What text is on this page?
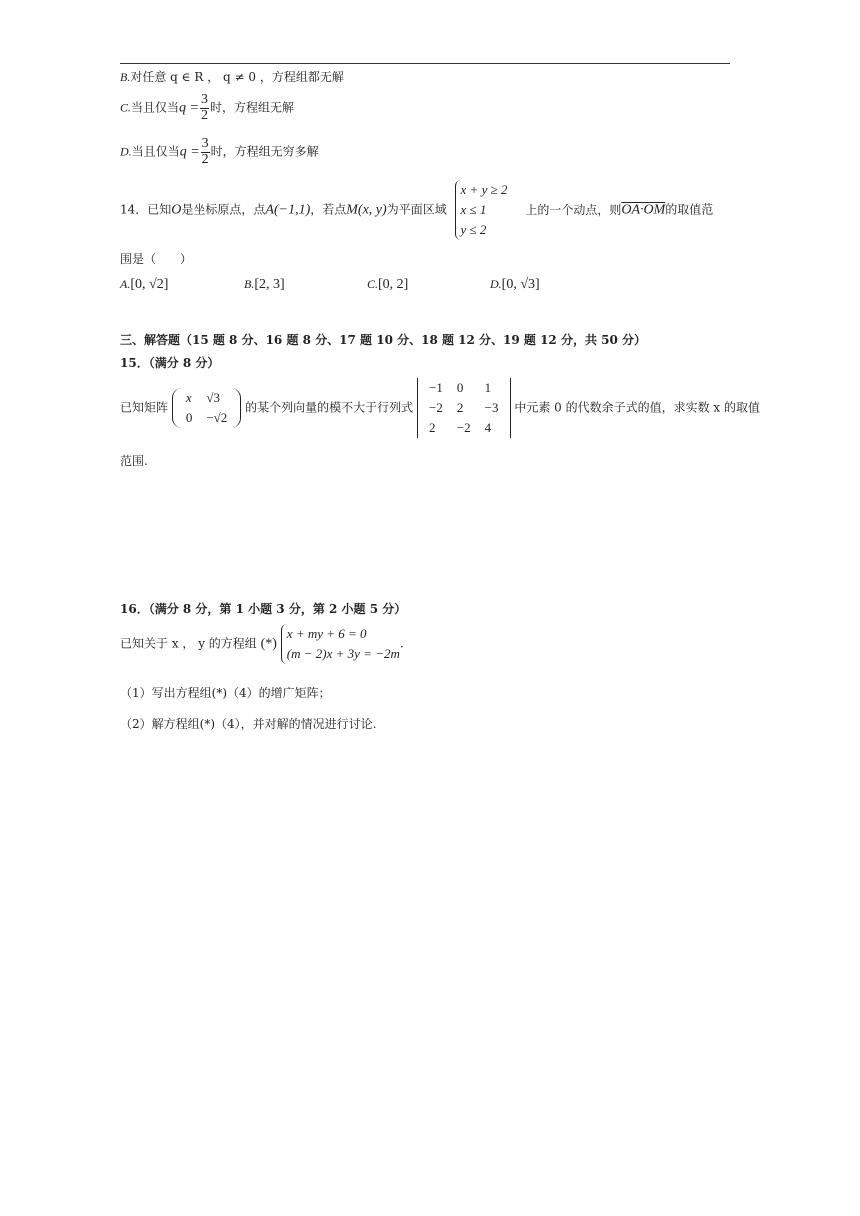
B.对任意 q ∈ R ， q ≠ 0 ，方程组都无解
C.当且仅当$q = \frac{3}{2}$ 时，方程组无解
D.当且仅当$q = \frac{3}{2}$ 时，方程组无穷多解
14．已知O是坐标原点，点A(−1,1)，若点M(x, y)为平面区域
x + y ≥ 2
x ≤ 1
y ≤ 2
上的一个动点，则OA·OM的取值范
围是（　　）
A.[0, √2]	B.[2, 3]	C.[0, 2]	D.[0, √3]
三、解答题（15 题 8 分、16 题 8 分、17 题 10 分、18 题 12 分、19 题 12 分，共 50 分）
15．（满分 8 分）
已知矩阵
x	√3
0	−√2
的某个列向量的模不大于行列式
−1	0	1
−2	2	−3
2	−2	4
中元素 0 的代数余子式的值，求实数 x 的取值
范围.
16．（满分 8 分，第 1 小题 3 分，第 2 小题 5 分）
已知关于 x ， y 的方程组 (*)
x + my + 6 = 0
(m − 2)x + 3y = −2m
.
（1）写出方程组(*)（4）的增广矩阵；
（2）解方程组(*)（4），并对解的情况进行讨论.
